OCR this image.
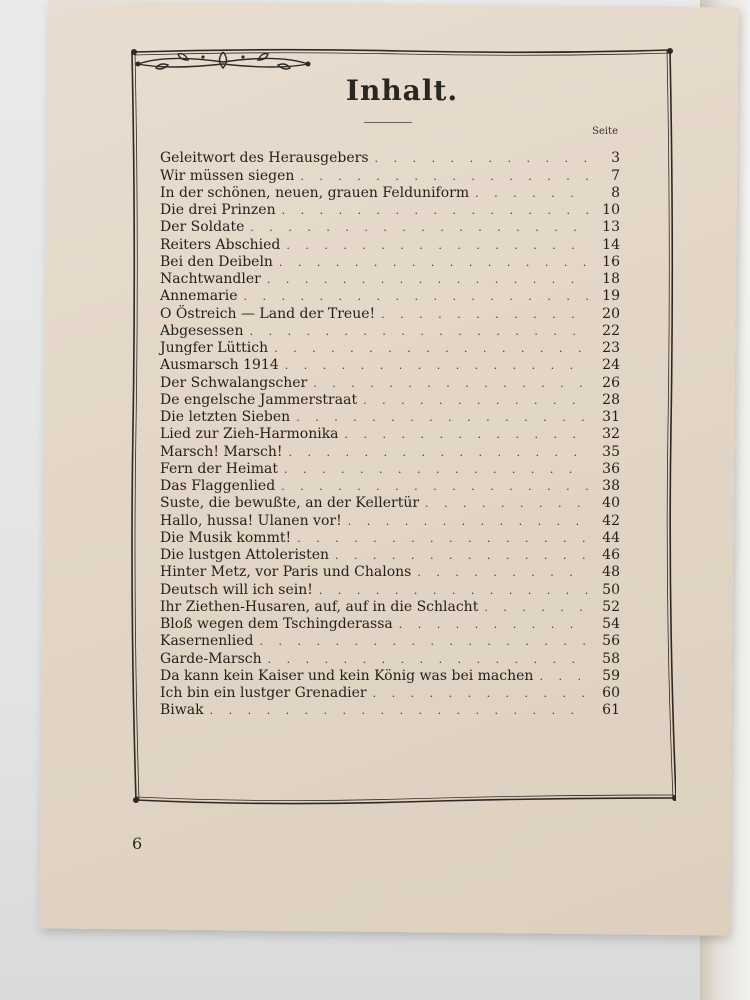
Inhalt.
Seite
Geleitwort des Herausgebers . . .	3
Wir müssen siegen . . .	7
In der schönen, neuen, grauen Felduniform . . .	8
Die drei Prinzen . . .	10
Der Soldate . . .	13
Reiters Abschied . . .	14
Bei den Deibeln . . .	16
Nachtwandler . . .	18
Annemarie . . .	19
O Östreich — Land der Treue! . . .	20
Abgesessen . . .	22
Jungfer Lüttich . . .	23
Ausmarsch 1914 . . .	24
Der Schwalangscher . . .	26
De engelsche Jammerstraat . . .	28
Die letzten Sieben . . .	31
Lied zur Zieh-Harmonika . . .	32
Marsch! Marsch! . . .	35
Fern der Heimat . . .	36
Das Flaggenlied . . .	38
Suste, die bewußte, an der Kellertür . . .	40
Hallo, hussa! Ulanen vor! . . .	42
Die Musik kommt! . . .	44
Die lustgen Attoleristen . . .	46
Hinter Metz, vor Paris und Chalons . . .	48
Deutsch will ich sein! . . .	50
Ihr Ziethen-Husaren, auf, auf in die Schlacht . . .	52
Bloß wegen dem Tschingderassa . . .	54
Kasernenlied . . .	56
Garde-Marsch . . .	58
Da kann kein Kaiser und kein König was bei machen . . .	59
Ich bin ein lustger Grenadier . . .	60
Biwak . . .	61
6
